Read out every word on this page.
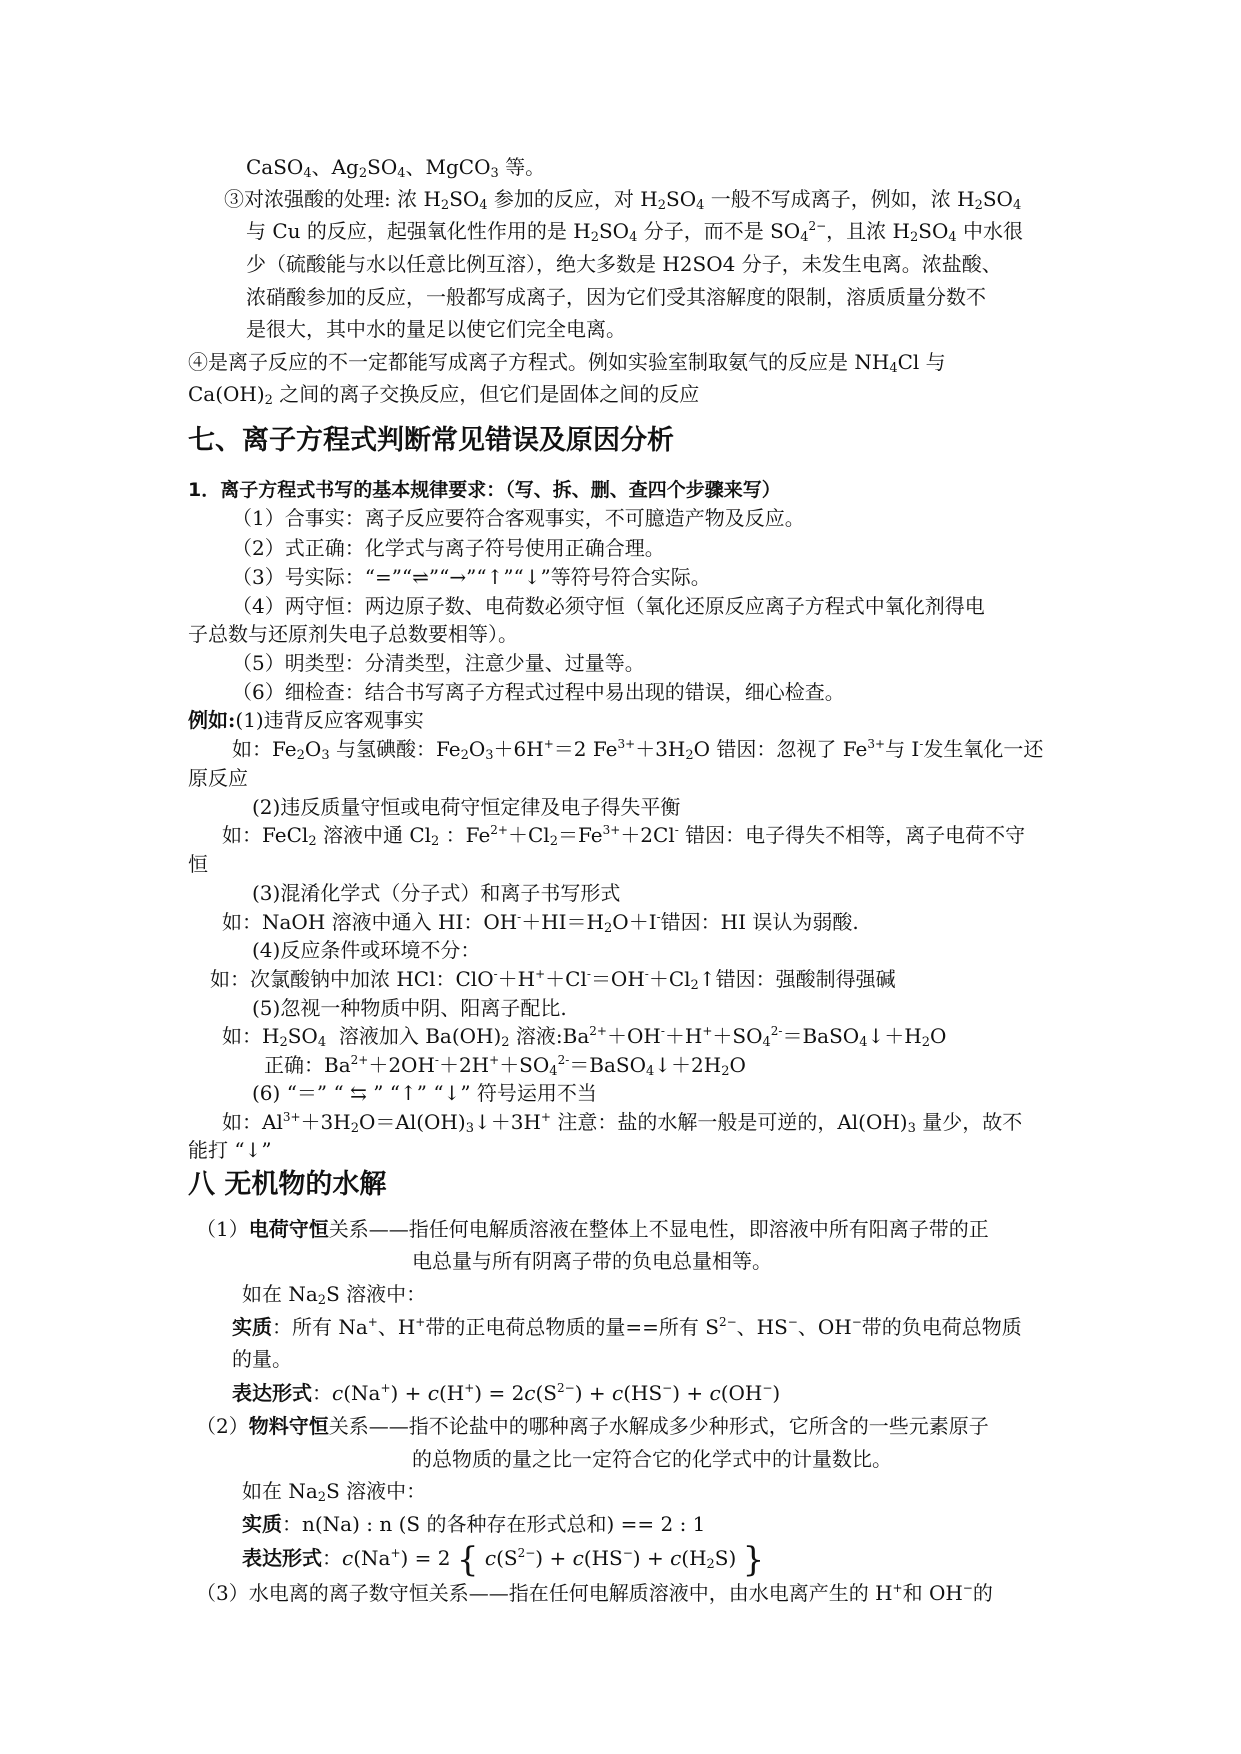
CaSO$_4$、$Ag_2SO_4$、MgCO$_3$ 等。
③对浓强酸的处理: 浓 $H_2SO_4$ 参加的反应，对 $H_2SO_4$ 一般不写成离子，例如，浓 $H_2SO_4$
与 Cu 的反应，起强氧化性作用的是 $H_2SO_4$ 分子，而不是 $SO_4^{2-}$，且浓 $H_2SO_4$ 中水很
少（硫酸能与水以任意比例互溶），绝大多数是 H2SO4 分子，未发生电离。浓盐酸、
浓硝酸参加的反应，一般都写成离子，因为它们受其溶解度的限制，溶质质量分数不
是很大，其中水的量足以使它们完全电离。
④是离子反应的不一定都能写成离子方程式。例如实验室制取氨气的反应是 $NH_4Cl$ 与
$Ca(OH)_2$ 之间的离子交换反应，但它们是固体之间的反应
七、离子方程式判断常见错误及原因分析
1．离子方程式书写的基本规律要求：（写、拆、删、查四个步骤来写）
（1）合事实：离子反应要符合客观事实，不可臆造产物及反应。
（2）式正确：化学式与离子符号使用正确合理。
（3）号实际：“=”“⇌”“→”“↑”“↓”等符号符合实际。
（4）两守恒：两边原子数、电荷数必须守恒（氧化还原反应离子方程式中氧化剂得电
子总数与还原剂失电子总数要相等）。
（5）明类型：分清类型，注意少量、过量等。
（6）细检查：结合书写离子方程式过程中易出现的错误，细心检查。
例如:(1)违背反应客观事实
如：$Fe_2O_3$ 与氢碘酸：$Fe_2O_3+6H^+=2$ $Fe^{3+}+3H_2O$ 错因：忽视了 $Fe^{3+}$与 I-发生氧化一还
原反应
(2)违反质量守恒或电荷守恒定律及电子得失平衡
如：FeCl$_2$ 溶液中通 $Cl_2$ ：$Fe^{2+}+Cl_2=Fe^{3+}+2Cl^-$ 错因：电子得失不相等，离子电荷不守
恒
(3)混淆化学式（分子式）和离子书写形式
如：NaOH 溶液中通入 HI：$OH^-+HI=H_2O+I^-$错因：HI 误认为弱酸.
(4)反应条件或环境不分：
如：次氯酸钠中加浓 HCl：$ClO^-+H^++Cl^-=OH^-+Cl_2↑$错因：强酸制得强碱
(5)忽视一种物质中阴、阳离子配比.
如：$H_2SO_4$  溶液加入 $Ba(OH)_2$ 溶液$:Ba^{2+}+OH^-+H^++SO_4^{2-}=BaSO_4↓+H_2O$
正确：$Ba^{2+}+2OH^-+2H^++SO_4^{2-}=BaSO_4↓+2H_2O$
(6) “＝” “ ⇆ ” “↑” “↓” 符号运用不当
如：$Al^{3+}+3H_2O=Al(OH)_3↓+3H^+$ 注意：盐的水解一般是可逆的，$Al(OH)_3$ 量少，故不
能打 “↓”
八 无机物的水解
（1）电荷守恒关系——指任何电解质溶液在整体上不显电性，即溶液中所有阳离子带的正
电总量与所有阴离子带的负电总量相等。
如在 $Na_2S$ 溶液中：
实质：所有 Na+、H+带的正电荷总物质的量==所有 $S^{2-}$、HS−、OH−带的负电荷总物质
的量。
表达形式：$c(Na^+) + c(H^+) = 2c(S^{2-}) + c(HS^-) + c(OH^-)$
（2）物料守恒关系——指不论盐中的哪种离子水解成多少种形式，它所含的一些元素原子
的总物质的量之比一定符合它的化学式中的计量数比。
如在 $Na_2S$ 溶液中：
实质：n(Na) : n (S 的各种存在形式总和) == 2 : 1
表达形式：c(Na+) = 2 { $c(S^{2-}) + c(HS^-) + c(H_2S)$ }
（3）水电离的离子数守恒关系——指在任何电解质溶液中，由水电离产生的 H+和 OH−的
